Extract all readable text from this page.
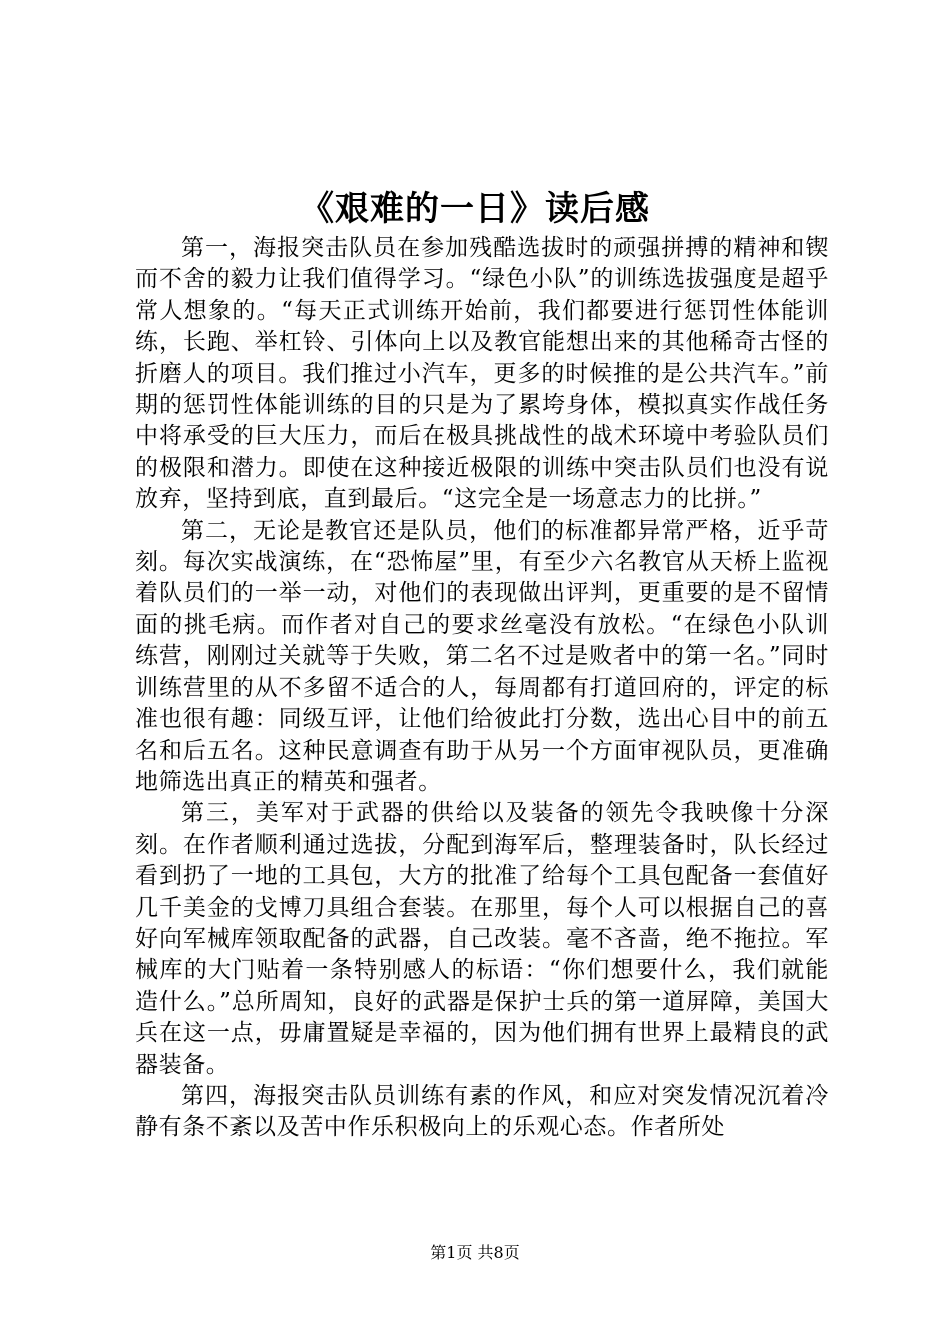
《艰难的一日》读后感

第一，海报突击队员在参加残酷选拔时的顽强拼搏的精神和锲而不舍的毅力让我们值得学习。“绿色小队”的训练选拔强度是超乎常人想象的。“每天正式训练开始前，我们都要进行惩罚性体能训练，长跑、举杠铃、引体向上以及教官能想出来的其他稀奇古怪的折磨人的项目。我们推过小汽车，更多的时候推的是公共汽车。”前期的惩罚性体能训练的目的只是为了累垮身体，模拟真实作战任务中将承受的巨大压力，而后在极具挑战性的战术环境中考验队员们的极限和潜力。即使在这种接近极限的训练中突击队员们也没有说放弃，坚持到底，直到最后。“这完全是一场意志力的比拼。”

第二，无论是教官还是队员，他们的标准都异常严格，近乎苛刻。每次实战演练，在“恐怖屋”里，有至少六名教官从天桥上监视着队员们的一举一动，对他们的表现做出评判，更重要的是不留情面的挑毛病。而作者对自己的要求丝毫没有放松。“在绿色小队训练营，刚刚过关就等于失败，第二名不过是败者中的第一名。”同时训练营里的从不多留不适合的人，每周都有打道回府的，评定的标准也很有趣：同级互评，让他们给彼此打分数，选出心目中的前五名和后五名。这种民意调查有助于从另一个方面审视队员，更准确地筛选出真正的精英和强者。

第三，美军对于武器的供给以及装备的领先令我映像十分深刻。在作者顺利通过选拔，分配到海军后，整理装备时，队长经过看到扔了一地的工具包，大方的批准了给每个工具包配备一套值好几千美金的戈博刀具组合套装。在那里，每个人可以根据自己的喜好向军械库领取配备的武器，自己改装。毫不吝啬，绝不拖拉。军械库的大门贴着一条特别感人的标语：“你们想要什么，我们就能造什么。”总所周知，良好的武器是保护士兵的第一道屏障，美国大兵在这一点，毋庸置疑是幸福的，因为他们拥有世界上最精良的武器装备。

第四，海报突击队员训练有素的作风，和应对突发情况沉着冷静有条不紊以及苦中作乐积极向上的乐观心态。作者所处

第1页 共8页
